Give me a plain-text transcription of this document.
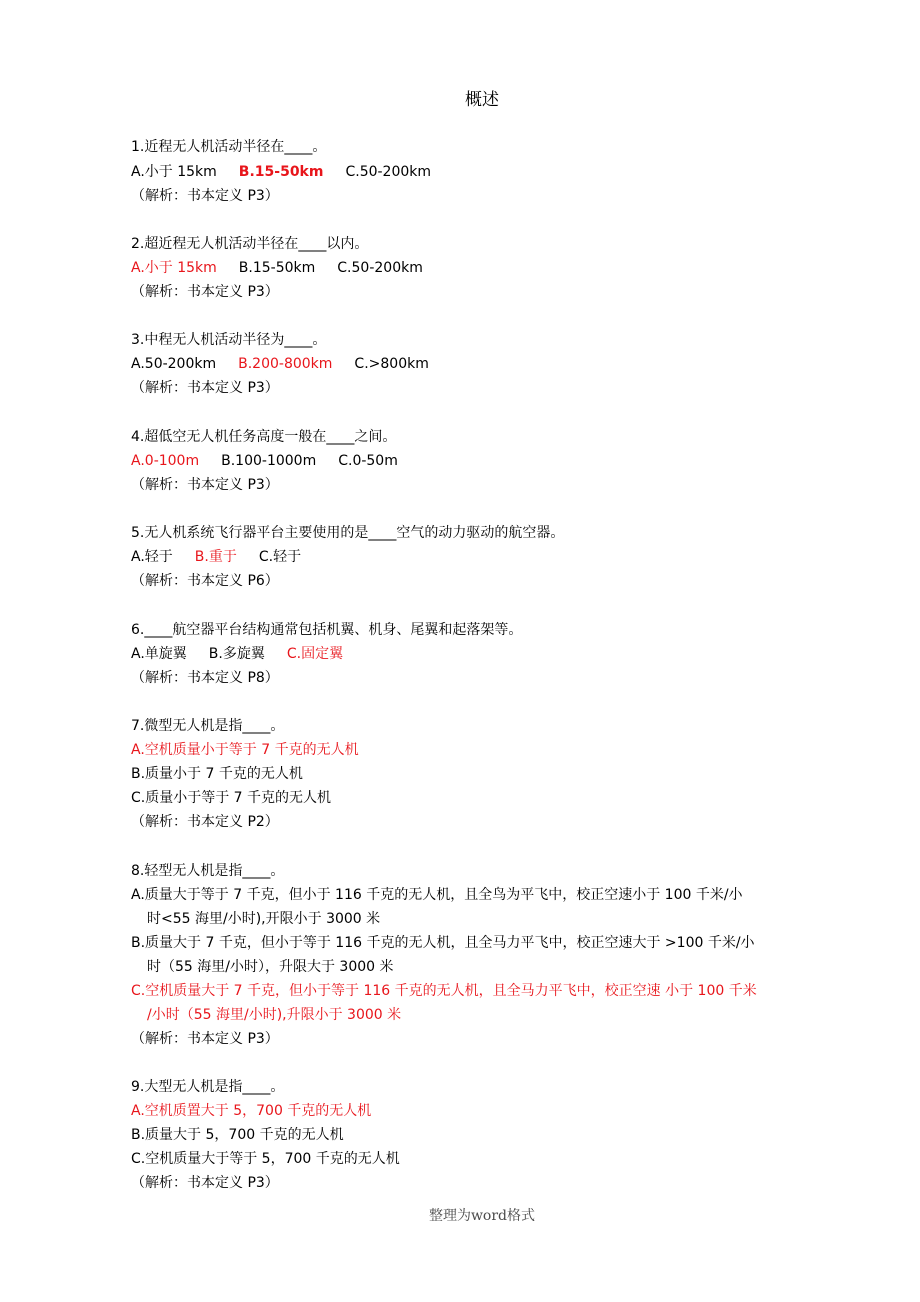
概述
1.近程无人机活动半径在____。
A.小于 15km B.15-50km C.50-200km
（解析：书本定义 P3）
2.超近程无人机活动半径在____以内。
A.小于 15km B.15-50km C.50-200km
（解析：书本定义 P3）
3.中程无人机活动半径为____。
A.50-200km B.200-800km C.>800km
（解析：书本定义 P3）
4.超低空无人机任务高度一般在____之间。
A.0-100m B.100-1000m C.0-50m
（解析：书本定义 P3）
5.无人机系统飞行器平台主要使用的是____空气的动力驱动的航空器。
A.轻于 B.重于 C.轻于
（解析：书本定义 P6）
6.____航空器平台结构通常包括机翼、机身、尾翼和起落架等。
A.单旋翼 B.多旋翼 C.固定翼
（解析：书本定义 P8）
7.微型无人机是指____。
A.空机质量小于等于 7 千克的无人机
B.质量小于 7 千克的无人机
C.质量小于等于 7 千克的无人机
（解析：书本定义 P2）
8.轻型无人机是指____。
A.质量大于等于 7 千克，但小于 116 千克的无人机，且全鸟为平飞中，校正空速小于 100 千米/小
时<55 海里/小时),开限小于 3000 米
B.质量大于 7 千克，但小于等于 116 千克的无人机，且全马力平飞中，校正空速大于 >100 千米/小
时（55 海里/小时），升限大于 3000 米
C.空机质量大于 7 千克，但小于等于 116 千克的无人机，且全马力平飞中，校正空速 小于 100 千米
/小时（55 海里/小时),升限小于 3000 米
（解析：书本定义 P3）
9.大型无人机是指____。
A.空机质置大于 5，700 千克的无人机
B.质量大于 5，700 千克的无人机
C.空机质量大于等于 5，700 千克的无人机
（解析：书本定义 P3）
整理为word格式
